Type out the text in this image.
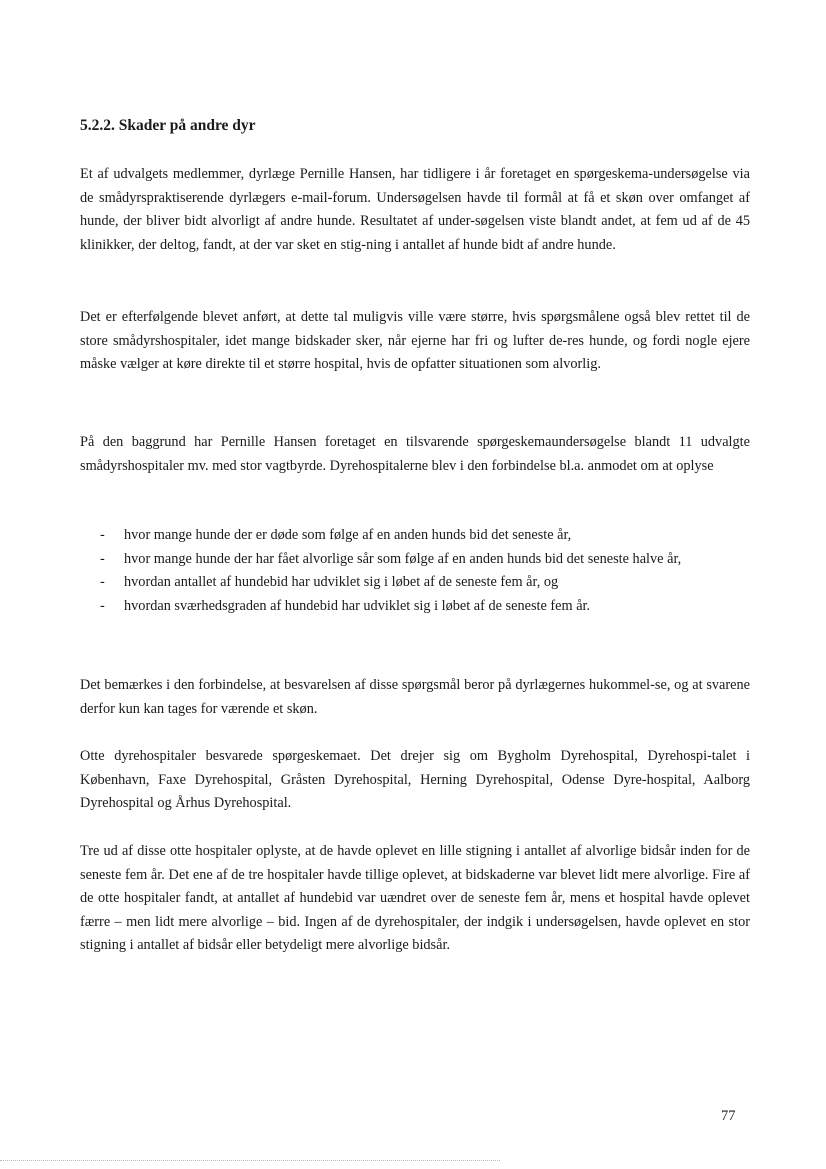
5.2.2. Skader på andre dyr

Et af udvalgets medlemmer, dyrlæge Pernille Hansen, har tidligere i år foretaget en spørgeskema-undersøgelse via de smådyrspraktiserende dyrlægers e-mail-forum. Undersøgelsen havde til formål at få et skøn over omfanget af hunde, der bliver bidt alvorligt af andre hunde. Resultatet af under-søgelsen viste blandt andet, at fem ud af de 45 klinikker, der deltog, fandt, at der var sket en stig-ning i antallet af hunde bidt af andre hunde.

Det er efterfølgende blevet anført, at dette tal muligvis ville være større, hvis spørgsmålene også blev rettet til de store smådyrshospitaler, idet mange bidskader sker, når ejerne har fri og lufter de-res hunde, og fordi nogle ejere måske vælger at køre direkte til et større hospital, hvis de opfatter situationen som alvorlig.

På den baggrund har Pernille Hansen foretaget en tilsvarende spørgeskemaundersøgelse blandt 11 udvalgte smådyrshospitaler mv. med stor vagtbyrde. Dyrehospitalerne blev i den forbindelse bl.a. anmodet om at oplyse

- hvor mange hunde der er døde som følge af en anden hunds bid det seneste år,
- hvor mange hunde der har fået alvorlige sår som følge af en anden hunds bid det seneste halve år,
- hvordan antallet af hundebid har udviklet sig i løbet af de seneste fem år, og
- hvordan sværhedsgraden af hundebid har udviklet sig i løbet af de seneste fem år.

Det bemærkes i den forbindelse, at besvarelsen af disse spørgsmål beror på dyrlægernes hukommel-se, og at svarene derfor kun kan tages for værende et skøn.

Otte dyrehospitaler besvarede spørgeskemaet. Det drejer sig om Bygholm Dyrehospital, Dyrehospi-talet i København, Faxe Dyrehospital, Gråsten Dyrehospital, Herning Dyrehospital, Odense Dyre-hospital, Aalborg Dyrehospital og Århus Dyrehospital.

Tre ud af disse otte hospitaler oplyste, at de havde oplevet en lille stigning i antallet af alvorlige bidsår inden for de seneste fem år. Det ene af de tre hospitaler havde tillige oplevet, at bidskaderne var blevet lidt mere alvorlige. Fire af de otte hospitaler fandt, at antallet af hundebid var uændret over de seneste fem år, mens et hospital havde oplevet færre – men lidt mere alvorlige – bid. Ingen af de dyrehospitaler, der indgik i undersøgelsen, havde oplevet en stor stigning i antallet af bidsår eller betydeligt mere alvorlige bidsår.

77
